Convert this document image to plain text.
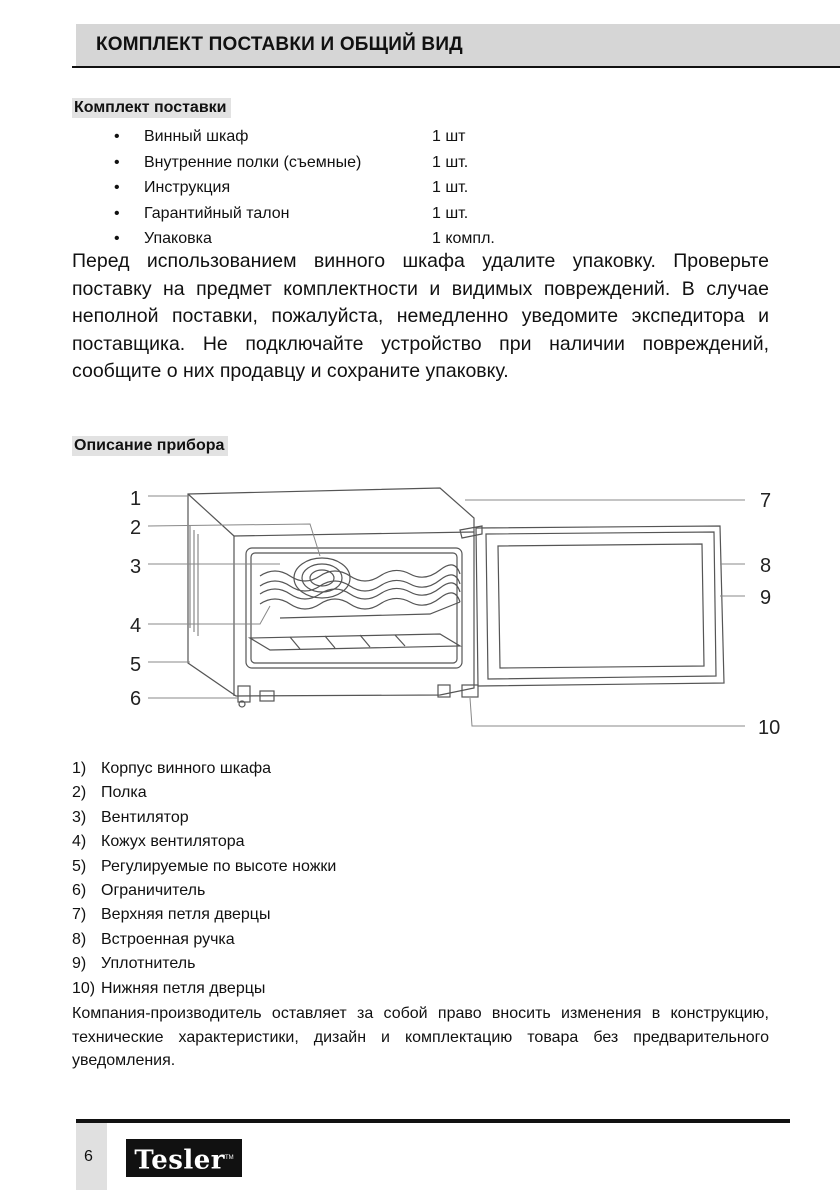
КОМПЛЕКТ ПОСТАВКИ И ОБЩИЙ ВИД
Комплект поставки
• Винный шкаф	1 шт
• Внутренние полки (съемные)	1 шт.
• Инструкция	1 шт.
• Гарантийный талон	1 шт.
• Упаковка	1 компл.

Перед использованием винного шкафа удалите упаковку. Проверьте поставку на предмет комплектности и видимых повреждений. В случае неполной поставки, пожалуйста, немедленно уведомите экспедитора и поставщика. Не подключайте устройство при наличии повреждений, сообщите о них продавцу и сохраните упаковку.

Описание прибора
1
2
3
4
5
6
7
8
9
10
1) Корпус винного шкафа
2) Полка
3) Вентилятор
4) Кожух вентилятора
5) Регулируемые по высоте ножки
6) Ограничитель
7) Верхняя петля дверцы
8) Встроенная ручка
9) Уплотнитель
10) Нижняя петля дверцы

Компания-производитель оставляет за собой право вносить изменения в конструкцию, технические характеристики, дизайн и комплектацию товара без предварительного уведомления.

6	Tesler™
